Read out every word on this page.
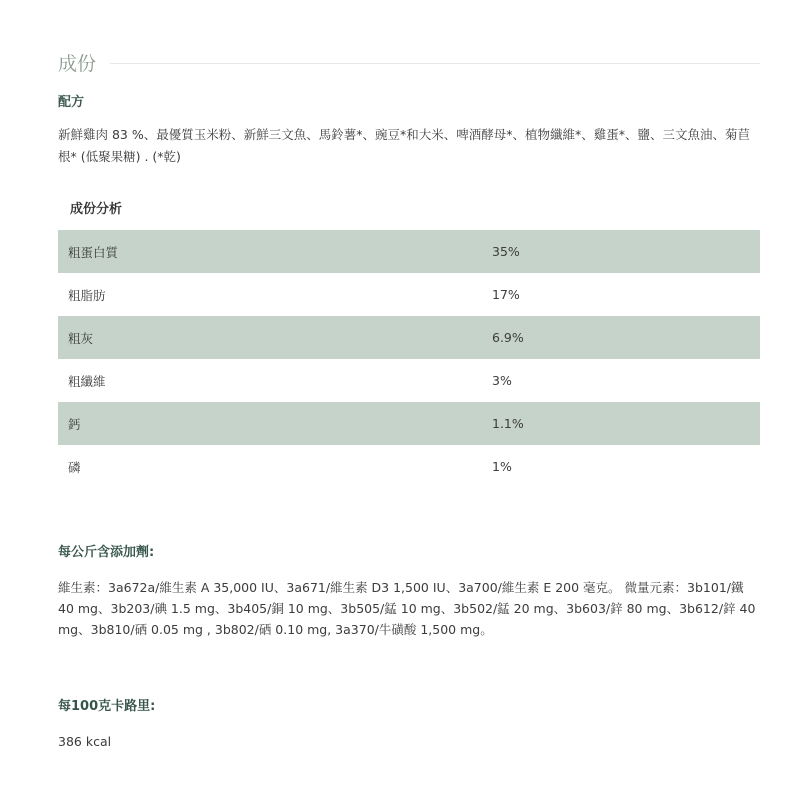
成份
配方

新鮮雞肉 83 %、最優質玉米粉、新鮮三文魚、馬鈴薯*、豌豆*和大米、啤酒酵母*、植物纖維*、雞蛋*、鹽、三文魚油、菊苣根* (低聚果糖) . (*乾)

成份分析
粗蛋白質	35%
粗脂肪	17%
粗灰	6.9%
粗纖維	3%
鈣	1.1%
磷	1%
每公斤含添加劑:

維生素：3a672a/維生素 A 35,000 IU、3a671/維生素 D3 1,500 IU、3a700/維生素 E 200 毫克。 微量元素：3b101/鐵 40 mg、3b203/碘 1.5 mg、3b405/銅 10 mg、3b505/錳 10 mg、3b502/錳 20 mg、3b603/鋅 80 mg、3b612/鋅 40 mg、3b810/硒 0.05 mg , 3b802/硒 0.10 mg, 3a370/牛磺酸 1,500 mg。

每100克卡路里:

386 kcal
